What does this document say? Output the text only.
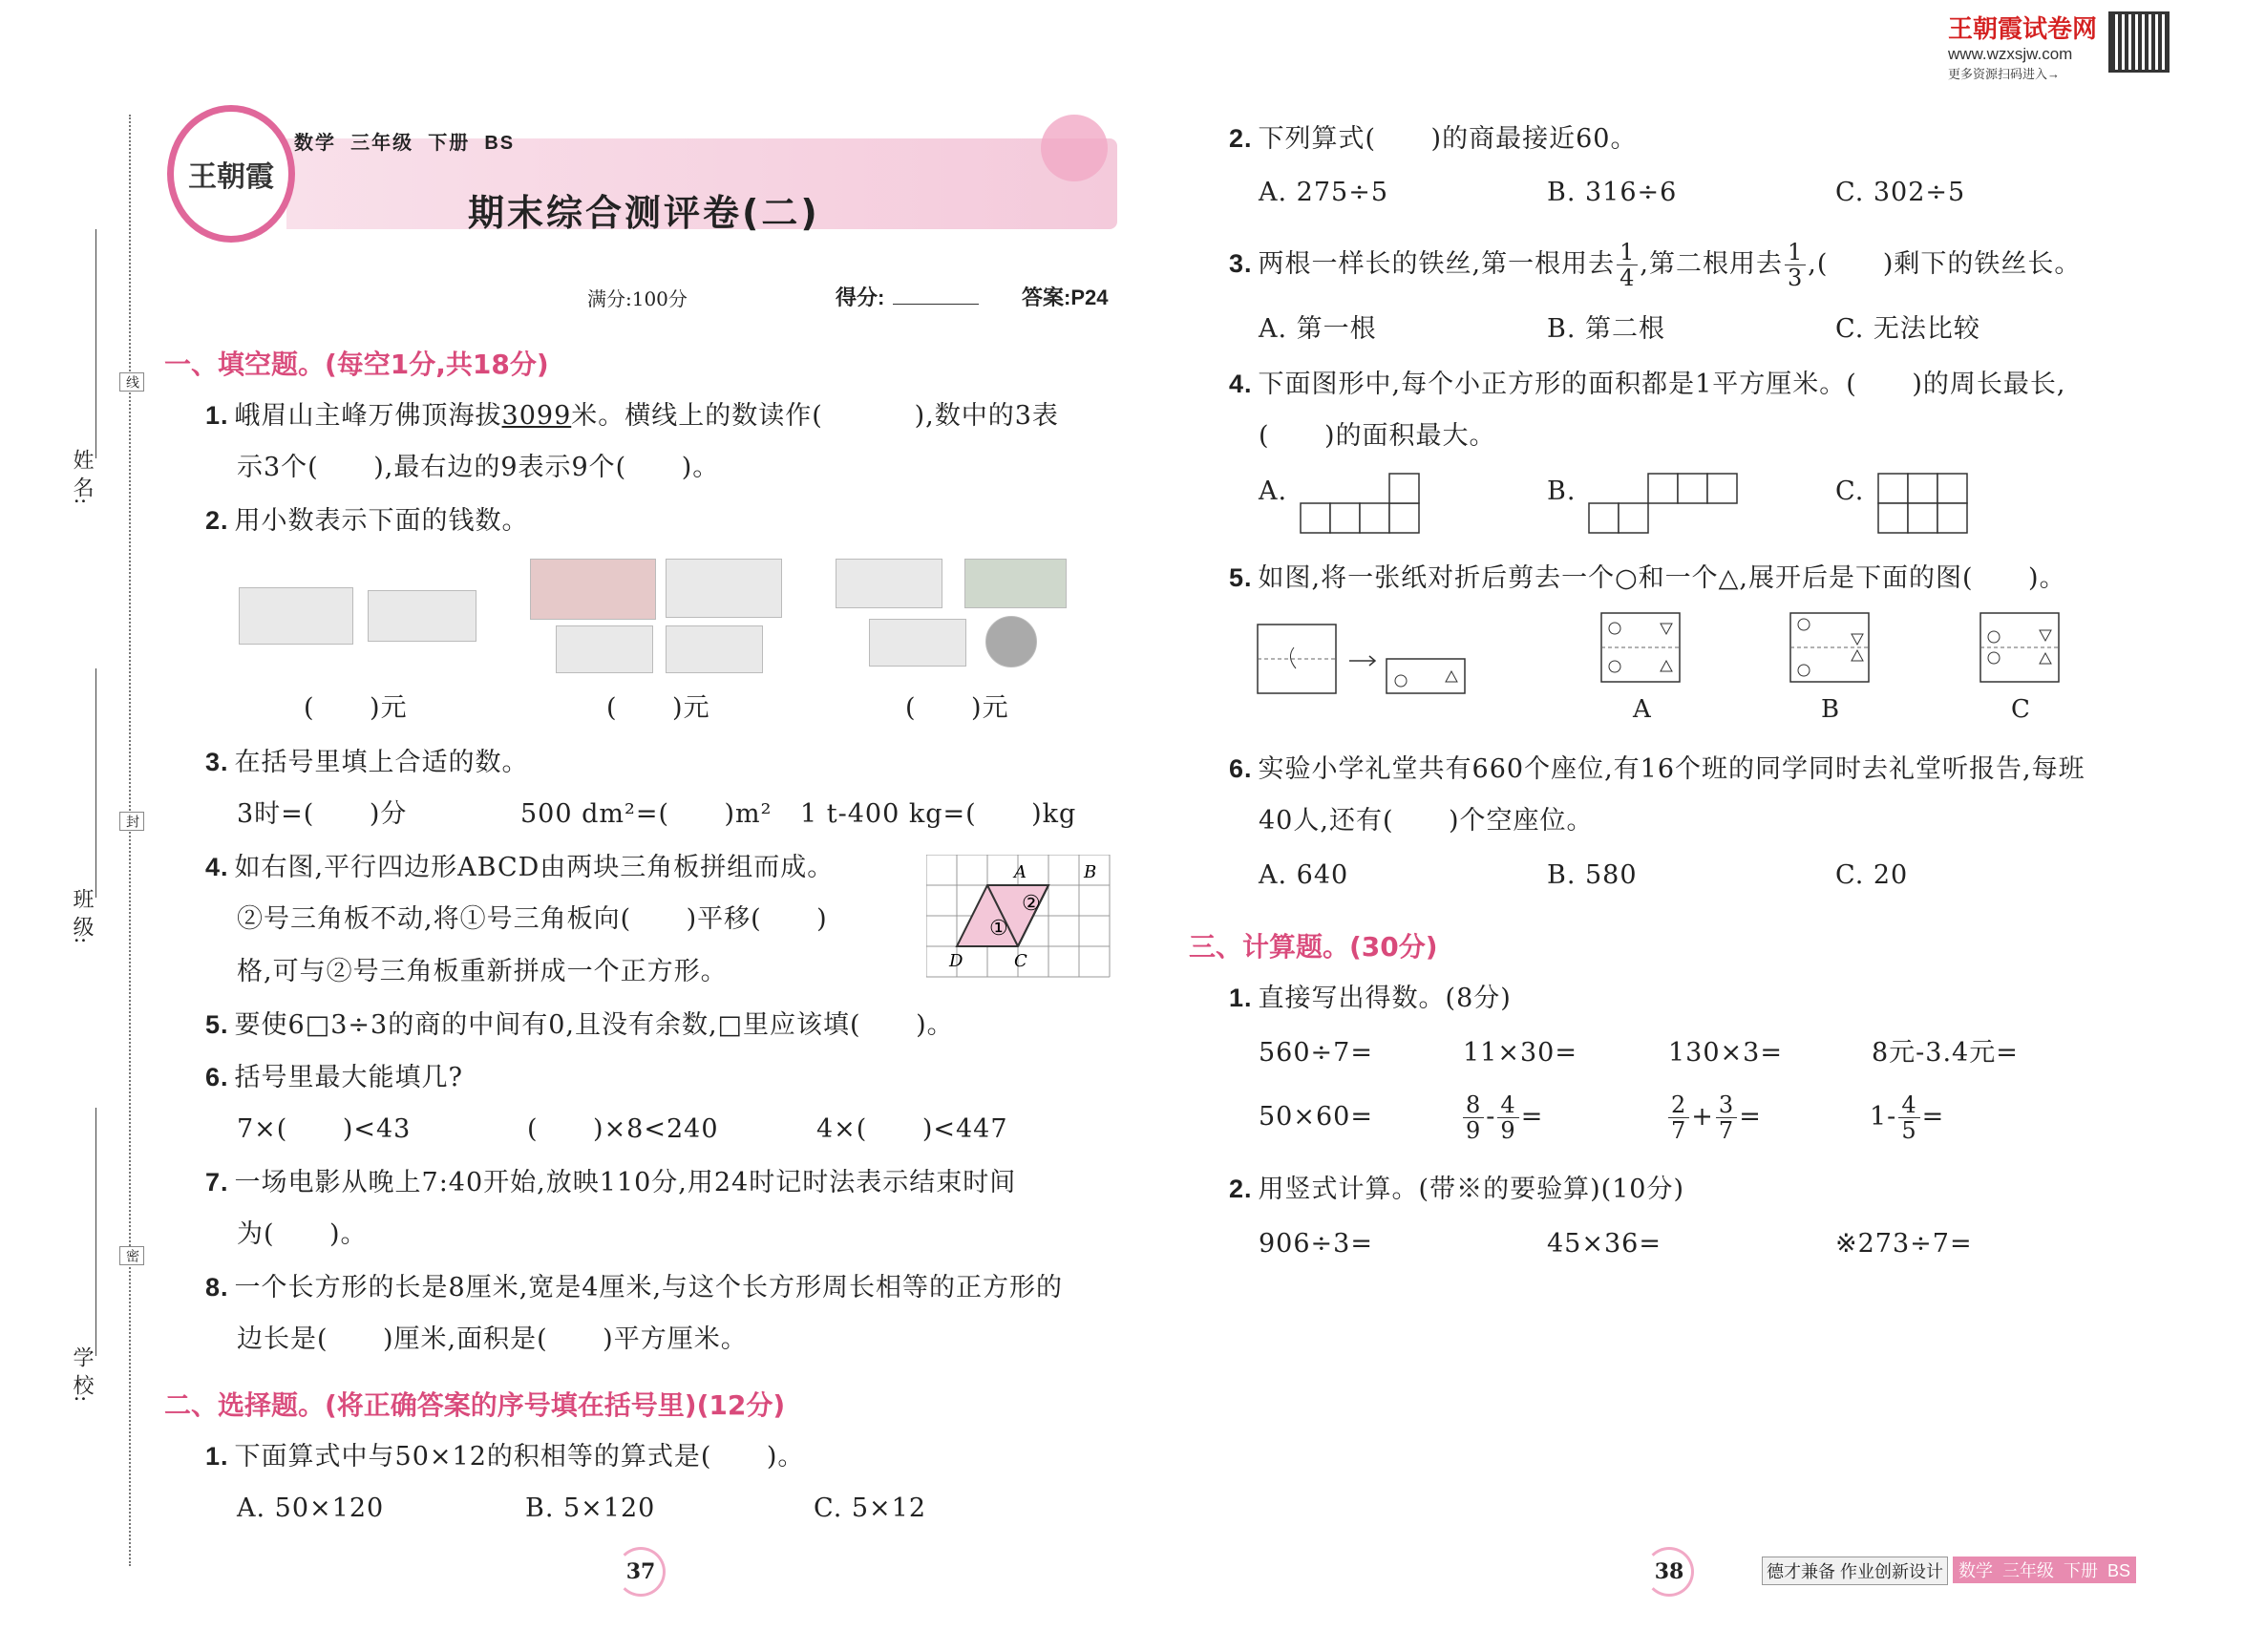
王朝霞试卷网
www.wzxsjw.com
更多资源扫码进入→
姓 名:
班 级:
学 校:
线
封
密
王朝霞
数学  三年级  下册  BS
期末综合测评卷(二)
满分:100分	得分:	答案:P24
一、填空题。(每空1分,共18分)
1. 峨眉山主峰万佛顶海拔3099米。横线上的数读作(          ),数中的3表
示3个(      ),最右边的9表示9个(      )。
2. 用小数表示下面的钱数。
(      )元	(      )元	(      )元
3. 在括号里填上合适的数。
3时=(      )分	500 dm²=(      )m² 1 t-400 kg=(      )kg
4. 如右图,平行四边形ABCD由两块三角板拼组而成。
②号三角板不动,将①号三角板向(      )平移(      )
格,可与②号三角板重新拼成一个正方形。
A	B
C
D
①
②
5. 要使6□3÷3的商的中间有0,且没有余数,□里应该填(      )。
6. 括号里最大能填几?
7×(      )<43	(      )×8<240	4×(      )<447
7. 一场电影从晚上7:40开始,放映110分,用24时记时法表示结束时间
为(      )。
8. 一个长方形的长是8厘米,宽是4厘米,与这个长方形周长相等的正方形的
边长是(      )厘米,面积是(      )平方厘米。
二、选择题。(将正确答案的序号填在括号里)(12分)
1. 下面算式中与50×12的积相等的算式是(      )。
A. 50×120	B. 5×120	C. 5×12
37
2. 下列算式(      )的商最接近60。
A. 275÷5	B. 316÷6	C. 302÷5
3. 两根一样长的铁丝,第一根用去 $\frac{1}{4}$ ,第二根用去 $\frac{1}{3}$ ,(      )剩下的铁丝长。
A. 第一根	B. 第二根	C. 无法比较
4. 下面图形中,每个小正方形的面积都是1平方厘米。(      )的周长最长,
(      )的面积最大。
A.	B.	C.
5. 如图,将一张纸对折后剪去一个○和一个△,展开后是下面的图(      )。
A	B	C
6. 实验小学礼堂共有660个座位,有16个班的同学同时去礼堂听报告,每班
40人,还有(      )个空座位。
A. 640	B. 580	C. 20
三、计算题。(30分)
1. 直接写出得数。(8分)
560÷7=	11×30=	130×3=	8元-3.4元=
50×60=	$\frac{8}{9} - \frac{4}{9}$ =	$\frac{2}{7} + \frac{3}{7}$ =	$1- \frac{4}{5}$ =
2. 用竖式计算。(带※的要验算)(10分)
906÷3=	45×36=	※273÷7=
38	德才兼备 作业创新设计 数学  三年级  下册  BS
